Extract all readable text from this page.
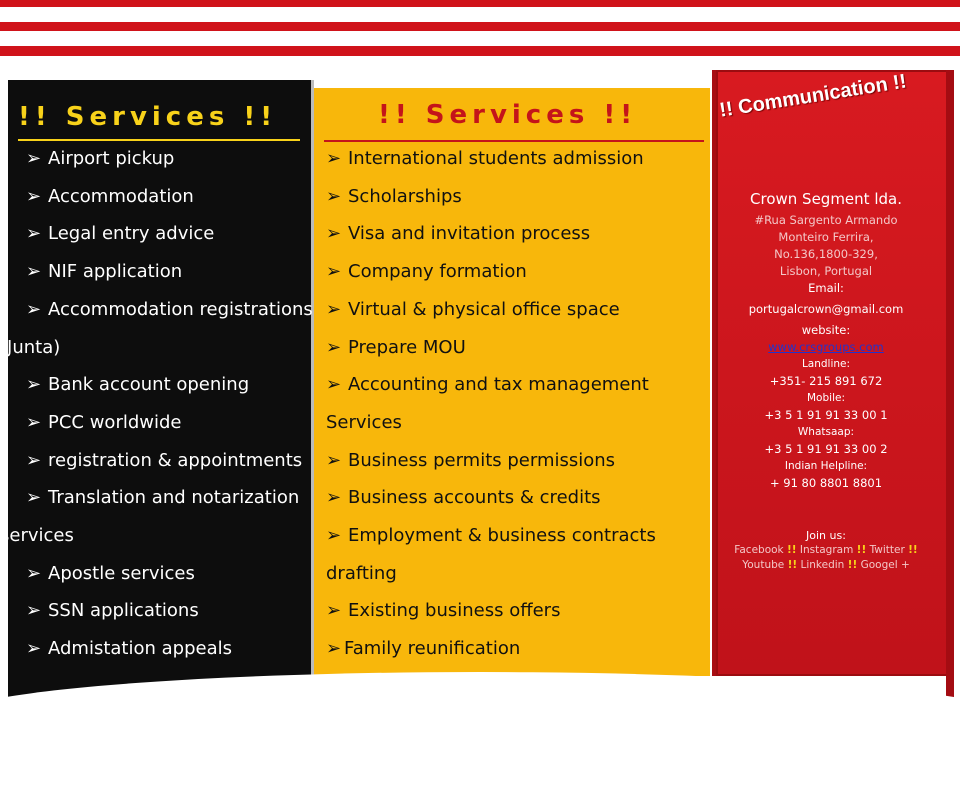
!! Services !!
➢ Airport pickup
➢ Accommodation
➢ Legal entry advice
➢ NIF application
➢ Accommodation registrations
(Junta)
➢ Bank account opening
➢ PCC worldwide
➢ registration & appointments
➢ Translation and notarization
services
➢ Apostle services
➢ SSN applications
➢ Admistation appeals
!! Services !!
➢ International students admission
➢ Scholarships
➢ Visa and invitation process
➢ Company formation
➢ Virtual & physical office space
➢ Prepare MOU
➢ Accounting and tax management
Services
➢ Business permits permissions
➢ Business accounts & credits
➢ Employment & business contracts
drafting
➢ Existing business offers
➢ Family reunification
!! Communication !!
Crown Segment lda.
#Rua Sargento Armando
Monteiro Ferrira,
No.136,1800-329,
Lisbon, Portugal
Email:
portugalcrown@gmail.com
website:
www.crsgroups.com
Landline:
+351- 215 891 672
Mobile:
+3 5 1 91 91 33 00 1
Whatsaap:
+3 5 1 91 91 33 00 2
Indian Helpline:
+ 91 80 8801 8801
Join us:
Facebook !! Instagram !! Twitter !!
Youtube !! Linkedin !! Googel +
